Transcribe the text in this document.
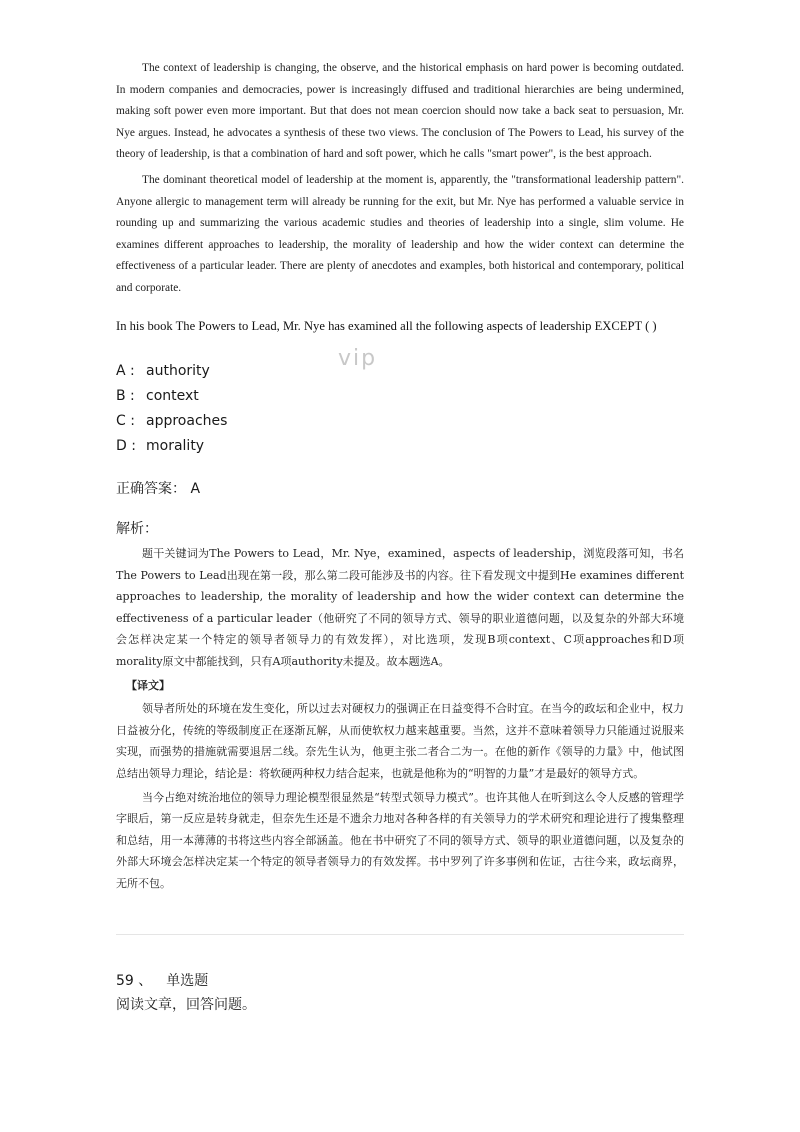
The context of leadership is changing, the observe, and the historical emphasis on hard power is becoming outdated. In modern companies and democracies, power is increasingly diffused and traditional hierarchies are being undermined, making soft power even more important. But that does not mean coercion should now take a back seat to persuasion, Mr. Nye argues. Instead, he advocates a synthesis of these two views. The conclusion of The Powers to Lead, his survey of the theory of leadership, is that a combination of hard and soft power, which he calls "smart power", is the best approach.

The dominant theoretical model of leadership at the moment is, apparently, the "transformational leadership pattern". Anyone allergic to management term will already be running for the exit, but Mr. Nye has performed a valuable service in rounding up and summarizing the various academic studies and theories of leadership into a single, slim volume. He examines different approaches to leadership, the morality of leadership and how the wider context can determine the effectiveness of a particular leader. There are plenty of anecdotes and examples, both historical and contemporary, political and corporate.

In his book The Powers to Lead, Mr. Nye has examined all the following aspects of leadership EXCEPT ( )
vip
A : authority
B : context
C : approaches
D : morality
正确答案： A
解析：

题干关键词为The Powers to Lead，Mr. Nye，examined，aspects of leadership，浏览段落可知，书名The Powers to Lead出现在第一段，那么第二段可能涉及书的内容。往下看发现文中提到He examines different approaches to leadership, the morality of leadership and how the wider context can determine the effectiveness of a particular leader（他研究了不同的领导方式、领导的职业道德问题，以及复杂的外部大环境会怎样决定某一个特定的领导者领导力的有效发挥），对比选项，发现B项context、C项approaches和D项morality原文中都能找到，只有A项authority未提及。故本题选A。

【译文】

领导者所处的环境在发生变化，所以过去对硬权力的强调正在日益变得不合时宜。在当今的政坛和企业中，权力日益被分化，传统的等级制度正在逐渐瓦解，从而使软权力越来越重要。当然，这并不意味着领导力只能通过说服来实现，而强势的措施就需要退居二线。奈先生认为，他更主张二者合二为一。在他的新作《领导的力量》中，他试图总结出领导力理论，结论是：将软硬两种权力结合起来，也就是他称为的“明智的力量”才是最好的领导方式。

当今占绝对统治地位的领导力理论模型很显然是“转型式领导力模式”。也许其他人在听到这么令人反感的管理学字眼后，第一反应是转身就走，但奈先生还是不遗余力地对各种各样的有关领导力的学术研究和理论进行了搜集整理和总结，用一本薄薄的书将这些内容全部涵盖。他在书中研究了不同的领导方式、领导的职业道德问题，以及复杂的外部大环境会怎样决定某一个特定的领导者领导力的有效发挥。书中罗列了许多事例和佐证，古往今来，政坛商界，无所不包。

59 、 单选题
阅读文章，回答问题。
